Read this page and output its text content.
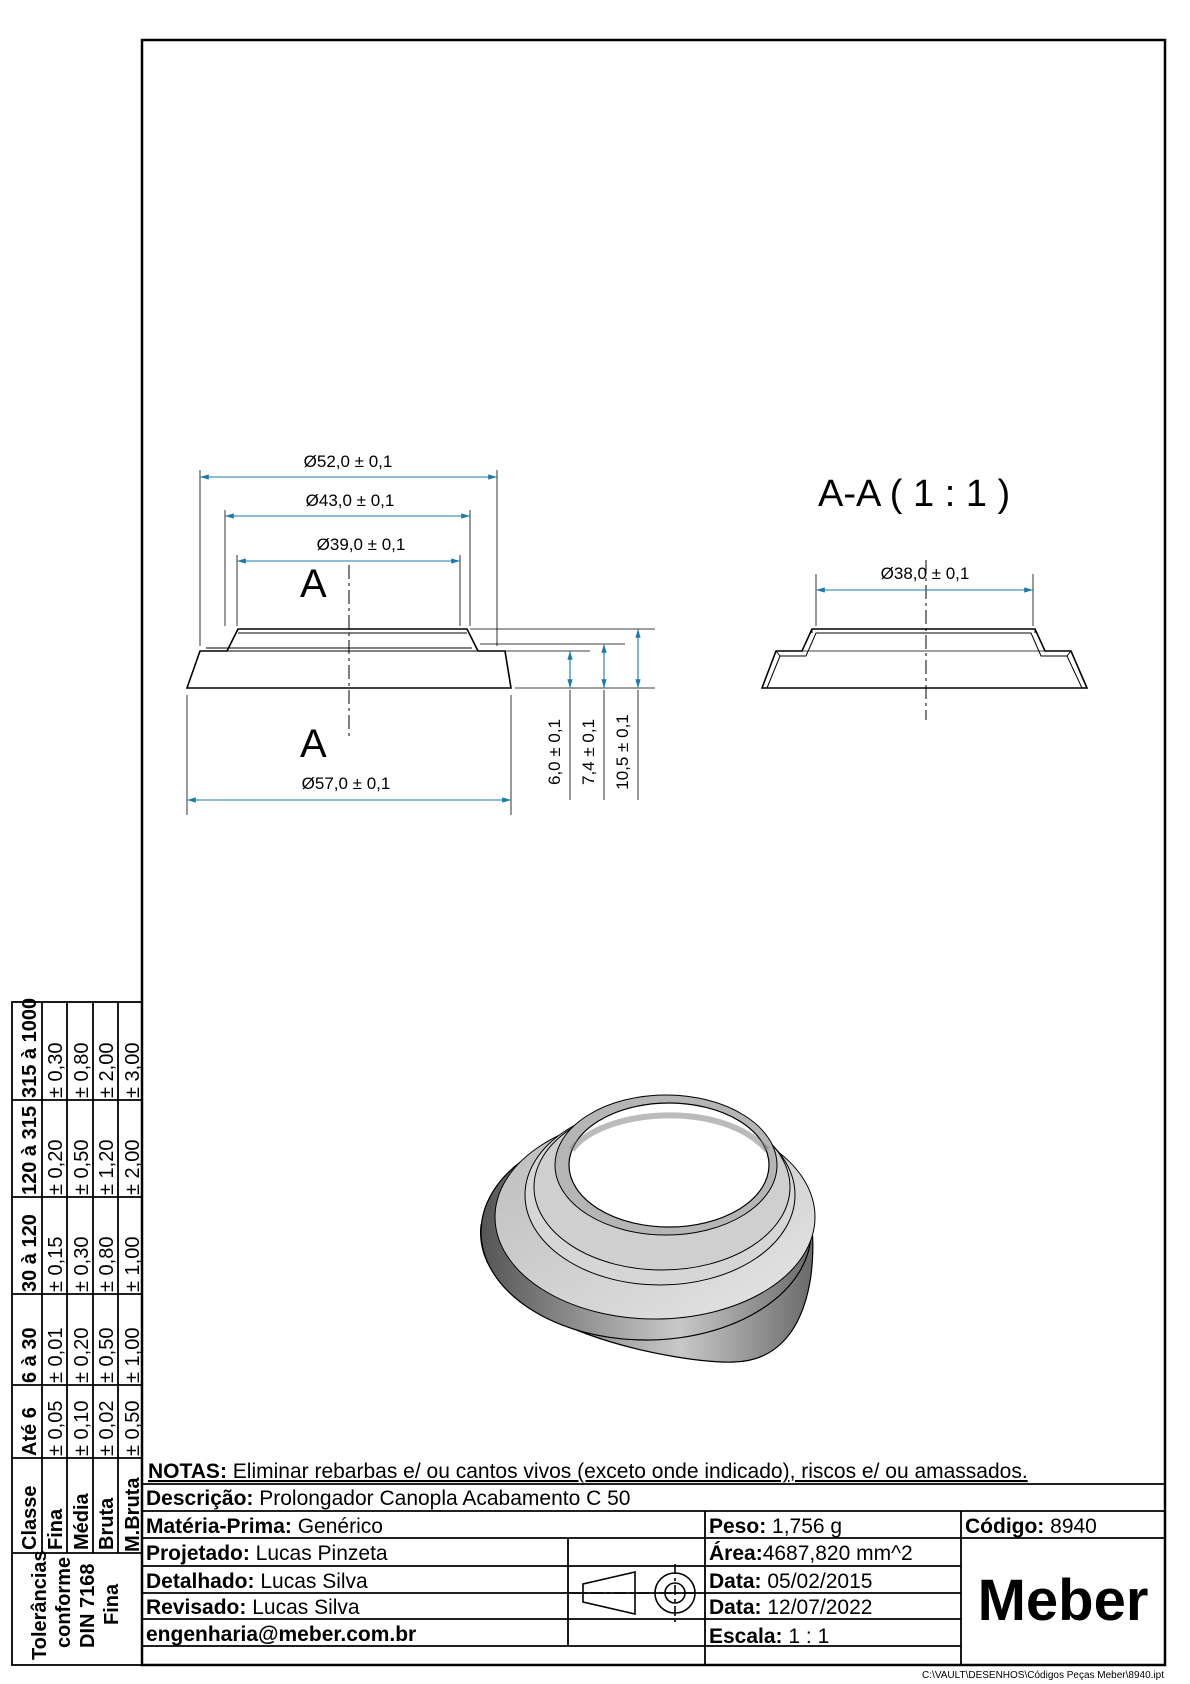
A
A
Ø52,0 ± 0,1
Ø43,0 ± 0,1
Ø39,0 ± 0,1
Ø57,0 ± 0,1	6,0 ± 0,1 7,4 ± 0,1 10,5 ± 0,1
A-A ( 1 : 1 )
Ø38,0 ± 0,1
Tolerâncias conforme DIN 7168 Fina
Classe Fina Média Bruta M.Bruta
Até 6 ± 0,05 ± 0,10 ± 0,02 ± 0,50
6 à 30 ± 0,01 ± 0,20 ± 0,50 ± 1,00
30 à 120 ± 0,15 ± 0,30 ± 0,80 ± 1,00
120 à 315 ± 0,20 ± 0,50 ± 1,20 ± 2,00
315 à 1000 ± 0,30 ± 0,80 ± 2,00 ± 3,00
NOTAS: Eliminar rebarbas e/ ou cantos vivos (exceto onde indicado), riscos e/ ou amassados.
Descrição: Prolongador Canopla Acabamento C 50
Matéria-Prima: Genérico
Projetado: Lucas Pinzeta
Detalhado: Lucas Silva
Revisado: Lucas Silva
engenharia@meber.com.br
Peso: 1,756 g
Área:4687,820 mm^2
Data: 05/02/2015
Data: 12/07/2022
Escala: 1 : 1
Código: 8940
Meber
C:\VAULT\DESENHOS\Códigos Peças Meber\8940.ipt
